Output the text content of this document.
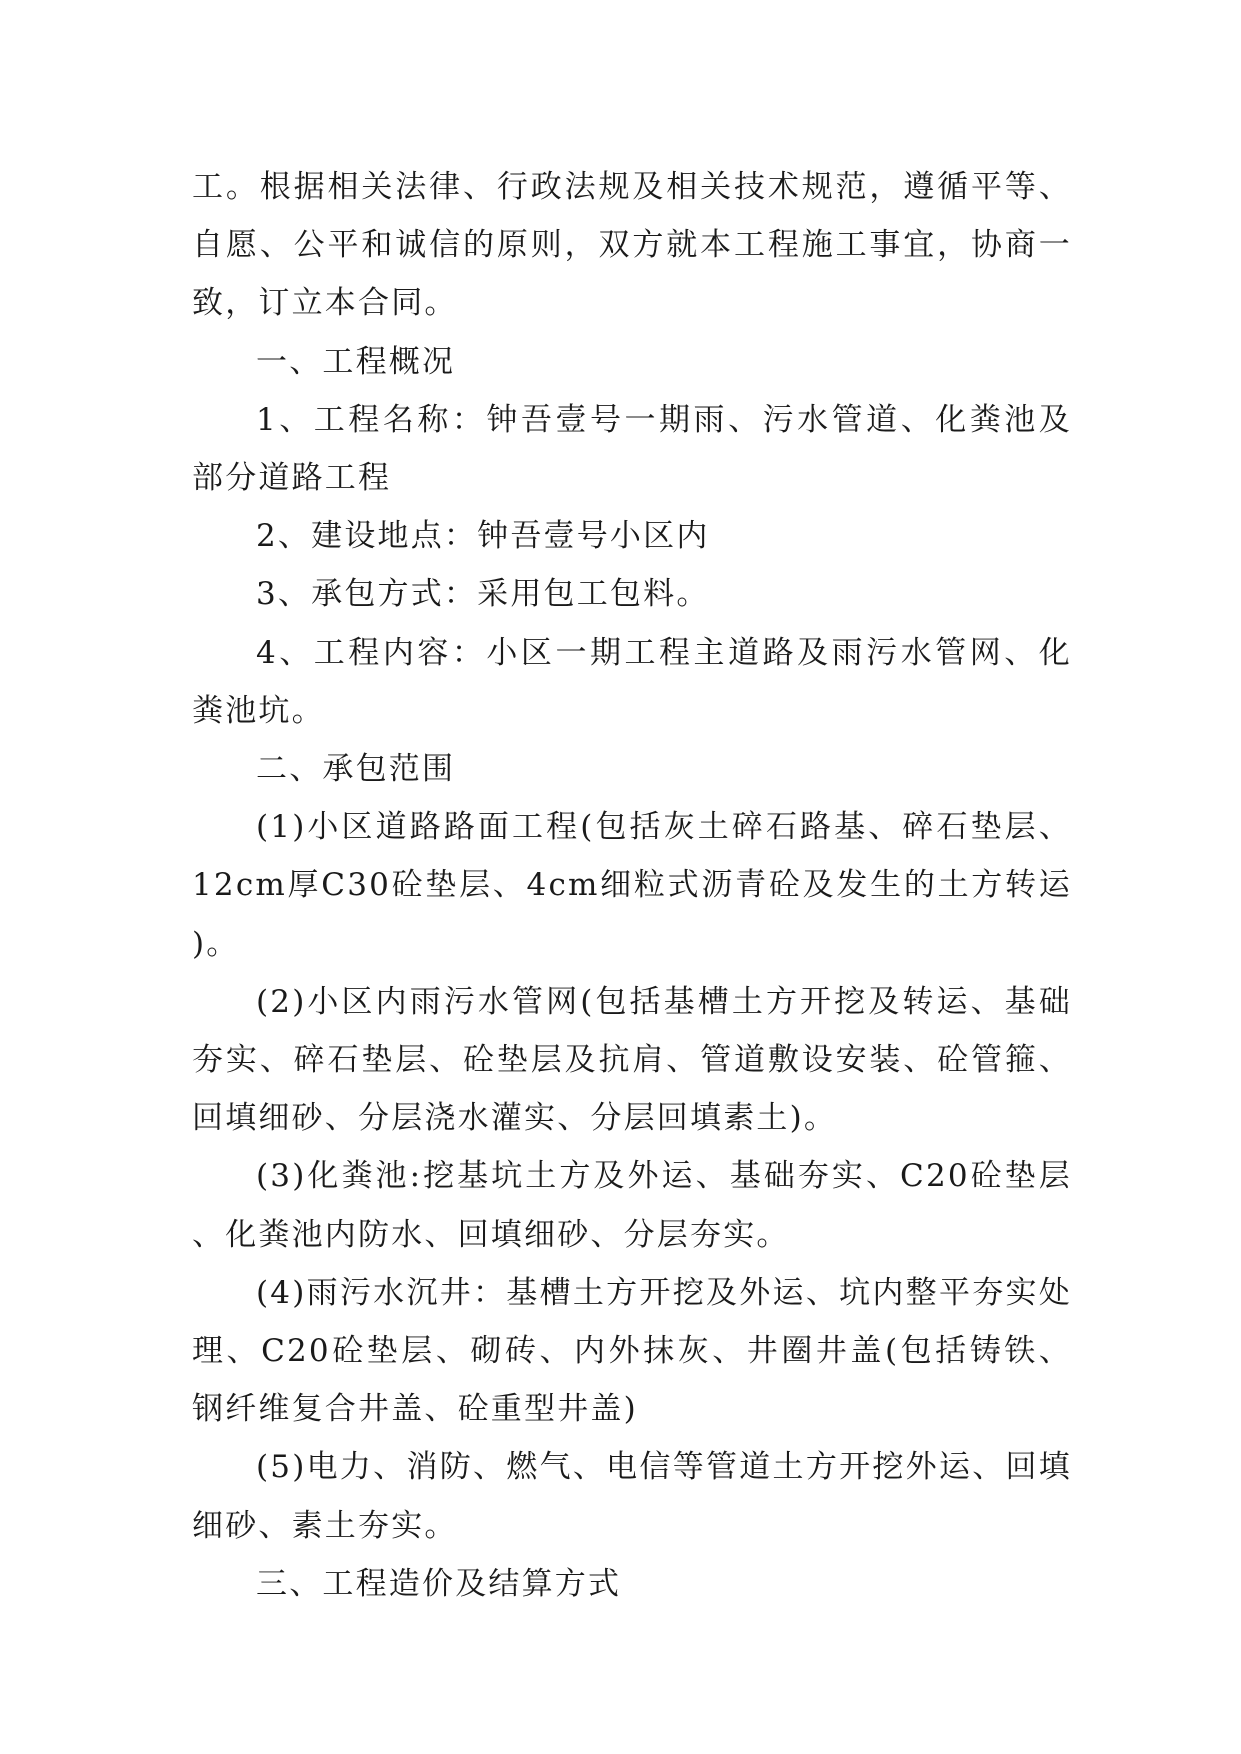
工。根据相关法律、行政法规及相关技术规范，遵循平等、自愿、公平和诚信的原则，双方就本工程施工事宜，协商一致，订立本合同。

一、工程概况

1、工程名称：钟吾壹号一期雨、污水管道、化粪池及部分道路工程

2、建设地点：钟吾壹号小区内

3、承包方式：采用包工包料。

4、工程内容：小区一期工程主道路及雨污水管网、化粪池坑。

二、承包范围

(1)小区道路路面工程(包括灰土碎石路基、碎石垫层、12cm厚C30砼垫层、4cm细粒式沥青砼及发生的土方转运)。

(2)小区内雨污水管网(包括基槽土方开挖及转运、基础夯实、碎石垫层、砼垫层及抗肩、管道敷设安装、砼管箍、回填细砂、分层浇水灌实、分层回填素土)。

(3)化粪池:挖基坑土方及外运、基础夯实、C20砼垫层、化粪池内防水、回填细砂、分层夯实。

(4)雨污水沉井：基槽土方开挖及外运、坑内整平夯实处理、C20砼垫层、砌砖、内外抹灰、井圈井盖(包括铸铁、钢纤维复合井盖、砼重型井盖)

(5)电力、消防、燃气、电信等管道土方开挖外运、回填细砂、素土夯实。

三、工程造价及结算方式
